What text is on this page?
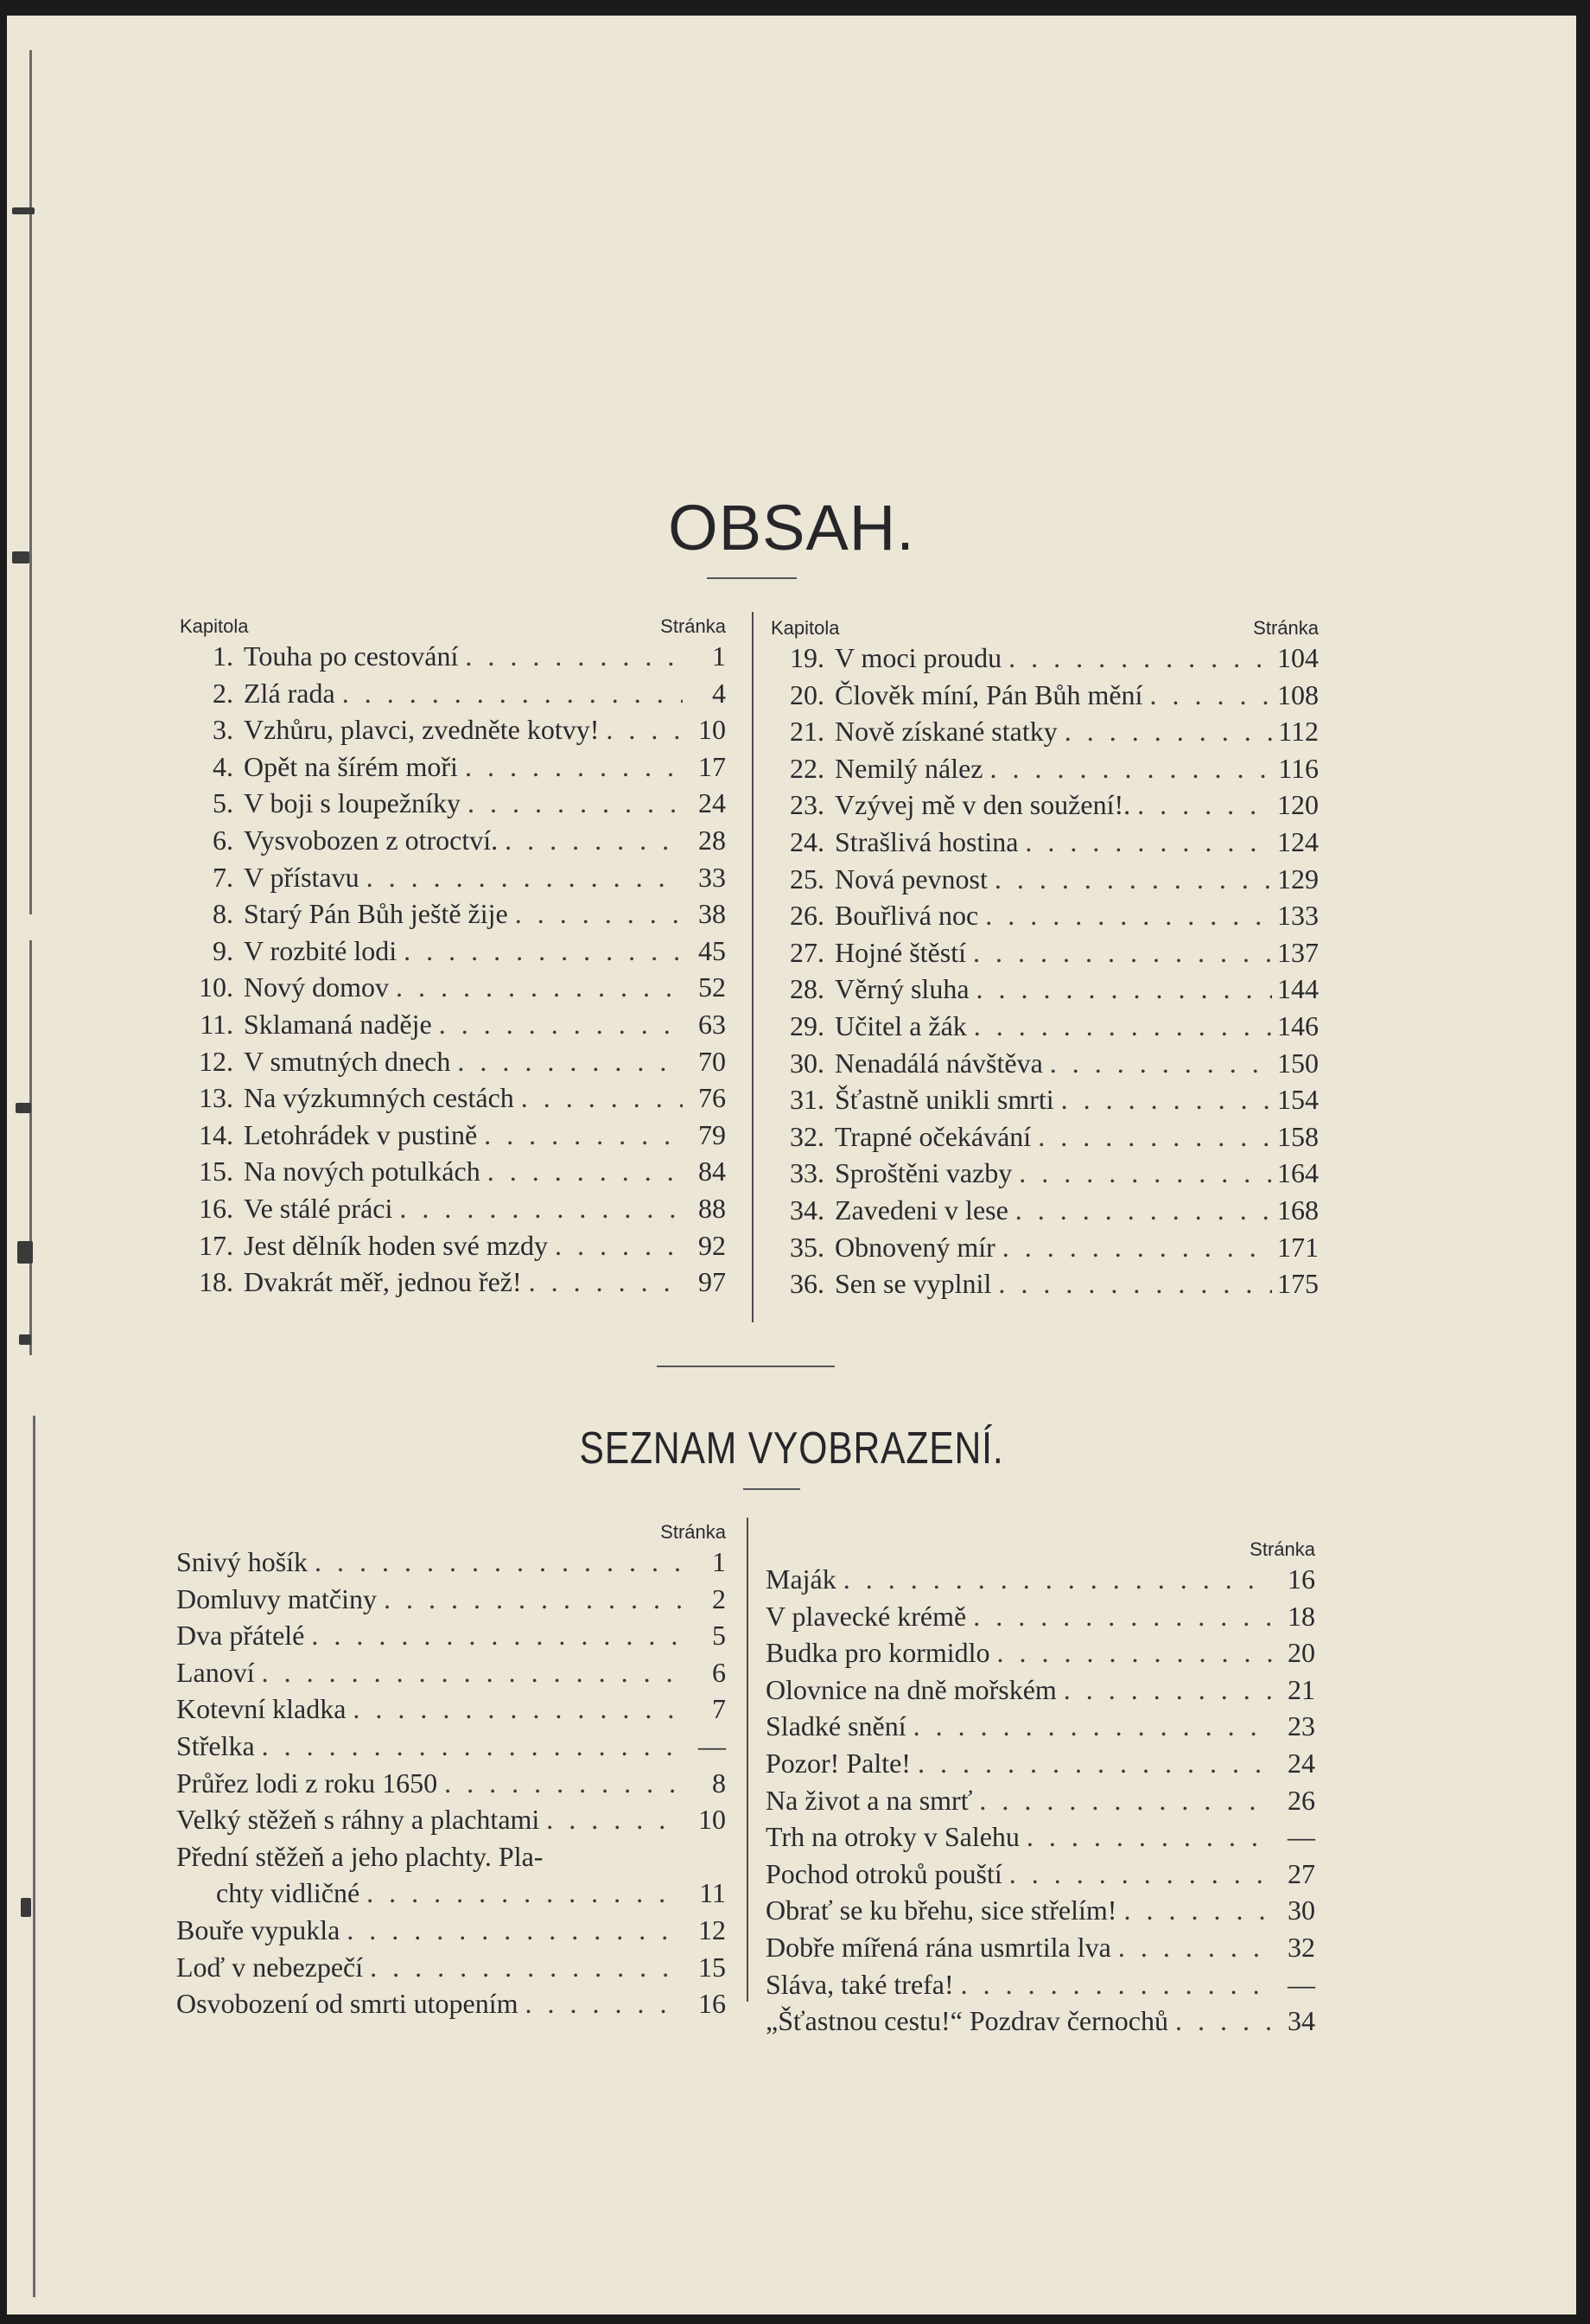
OBSAH.
Kapitola	Stránka
1. Touha po cestování . . .	1
2. Zlá rada . . .	4
3. Vzhůru, plavci, zvedněte kotvy! . . .	10
4. Opět na šírém moři . . .	17
5. V boji s loupežníky . . .	24
6. Vysvobozen z otroctví. . . .	28
7. V přístavu . . .	33
8. Starý Pán Bůh ještě žije . . .	38
9. V rozbité lodi . . .	45
10. Nový domov . . .	52
11. Sklamaná naděje . . .	63
12. V smutných dnech . . .	70
13. Na výzkumných cestách . . .	76
14. Letohrádek v pustině . . .	79
15. Na nových potulkách . . .	84
16. Ve stálé práci . . .	88
17. Jest dělník hoden své mzdy . . .	92
18. Dvakrát měř, jednou řež! . . .	97
Kapitola	Stránka
19. V moci proudu . . .	104
20. Člověk míní, Pán Bůh mění . . .	108
21. Nově získané statky . . .	112
22. Nemilý nález . . .	116
23. Vzývej mě v den soužení!. . . .	120
24. Strašlivá hostina . . .	124
25. Nová pevnost . . .	129
26. Bouřlivá noc . . .	133
27. Hojné štěstí . . .	137
28. Věrný sluha . . .	144
29. Učitel a žák . . .	146
30. Nenadálá návštěva . . .	150
31. Šťastně unikli smrti . . .	154
32. Trapné očekávání . . .	158
33. Sproštěni vazby . . .	164
34. Zavedeni v lese . . .	168
35. Obnovený mír . . .	171
36. Sen se vyplnil . . .	175
SEZNAM VYOBRAZENÍ.
Stránka
Snivý hošík . . .	1
Domluvy matčiny . . .	2
Dva přátelé . . .	5
Lanoví . . .	6
Kotevní kladka . . .	7
Střelka . . .	—
Průřez lodi z roku 1650 . . .	8
Velký stěžeň s ráhny a plachtami . . .	10
Přední stěžeň a jeho plachty. Pla-
chty vidličné . . .	11
Bouře vypukla . . .	12
Loď v nebezpečí . . .	15
Osvobození od smrti utopením . . .	16
Stránka
Maják . . .	16
V plavecké krémě . . .	18
Budka pro kormidlo . . .	20
Olovnice na dně mořském . . .	21
Sladké snění . . .	23
Pozor! Palte! . . .	24
Na život a na smrť . . .	26
Trh na otroky v Salehu . . .	—
Pochod otroků pouští . . .	27
Obrať se ku břehu, sice střelím! . . .	30
Dobře mířená rána usmrtila lva . . .	32
Sláva, také trefa! . . .	—
„Šťastnou cestu!“ Pozdrav černochů . . .	34
